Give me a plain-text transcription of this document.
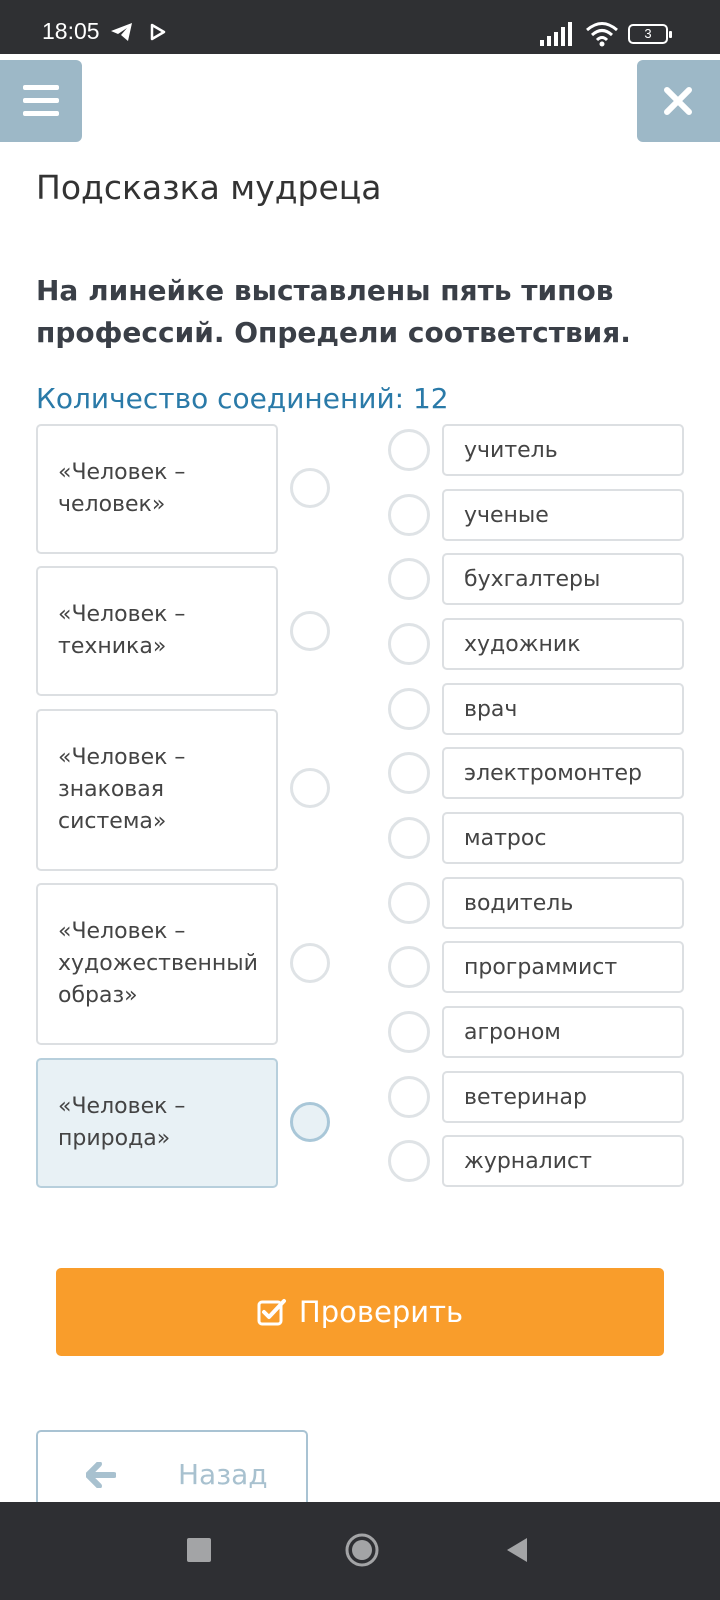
18:05	3
Подсказка мудреца
На линейке выставлены пять типов профессий. Определи соответствия.
Количество соединений: 12
«Человек – человек»
«Человек – техника»
«Человек – знаковая система»
«Человек – художественный образ»
«Человек – природа»
учитель
ученые
бухгалтеры
художник
врач
электромонтер
матрос
водитель
программист
агроном
ветеринар
журналист
Проверить
Назад
